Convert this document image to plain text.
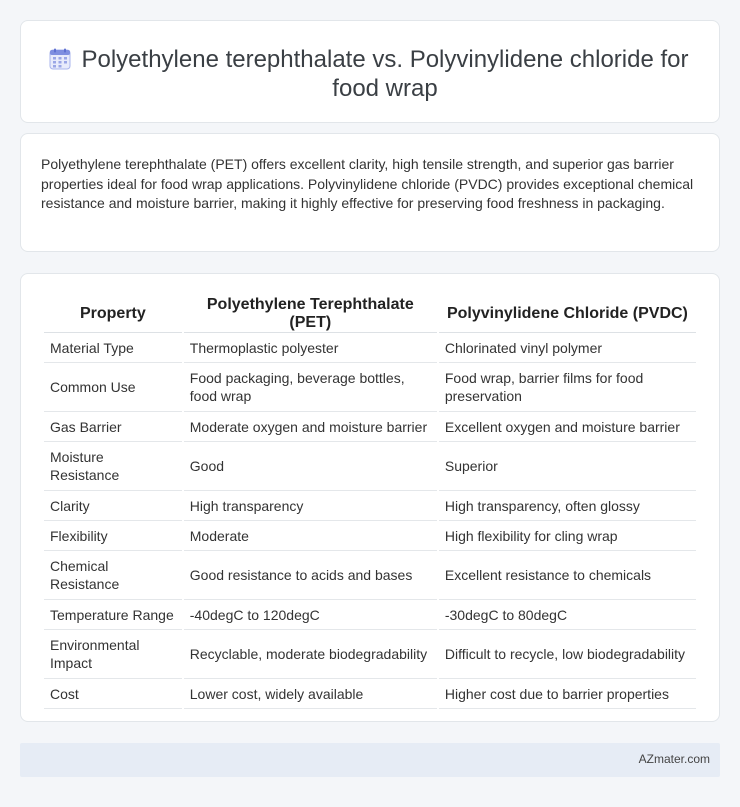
Polyethylene terephthalate vs. Polyvinylidene chloride for food wrap

Polyethylene terephthalate (PET) offers excellent clarity, high tensile strength, and superior gas barrier properties ideal for food wrap applications. Polyvinylidene chloride (PVDC) provides exceptional chemical resistance and moisture barrier, making it highly effective for preserving food freshness in packaging.

Property	Polyethylene Terephthalate (PET)	Polyvinylidene Chloride (PVDC)
Material Type	Thermoplastic polyester	Chlorinated vinyl polymer
Common Use	Food packaging, beverage bottles, food wrap	Food wrap, barrier films for food preservation
Gas Barrier	Moderate oxygen and moisture barrier	Excellent oxygen and moisture barrier
Moisture Resistance	Good	Superior
Clarity	High transparency	High transparency, often glossy
Flexibility	Moderate	High flexibility for cling wrap
Chemical Resistance	Good resistance to acids and bases	Excellent resistance to chemicals
Temperature Range	-40degC to 120degC	-30degC to 80degC
Environmental Impact	Recyclable, moderate biodegradability	Difficult to recycle, low biodegradability
Cost	Lower cost, widely available	Higher cost due to barrier properties
AZmater.com
